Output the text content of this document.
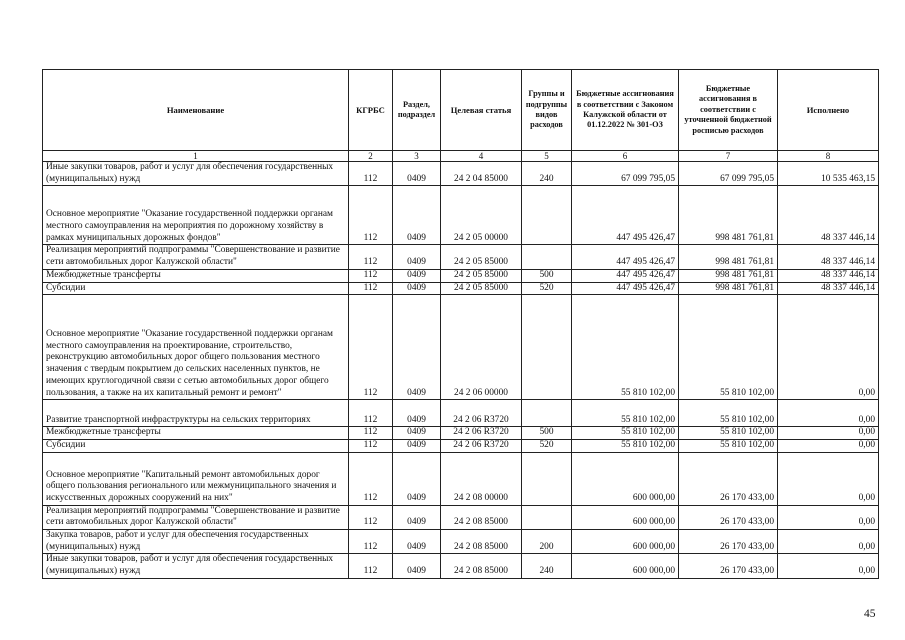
Наименование	КГРБС	Раздел, подраздел	Целевая статья	Группы и подгруппы видов расходов	Бюджетные ассигнования в соответствии с Законом Калужской области от 01.12.2022 № 301-ОЗ	Бюджетные ассигнования в соответствии с уточненной бюджетной росписью расходов	Исполнено
1	2	3	4	5	6	7	8
Иные закупки товаров, работ и услуг для обеспечения государственных (муниципальных) нужд	112	0409	24 2 04 85000	240	67 099 795,05	67 099 795,05	10 535 463,15
Основное мероприятие "Оказание государственной поддержки органам местного самоуправления на мероприятия по дорожному хозяйству в рамках муниципальных дорожных фондов"	112	0409	24 2 05 00000		447 495 426,47	998 481 761,81	48 337 446,14
Реализация мероприятий подпрограммы "Совершенствование и развитие сети автомобильных дорог Калужской области"	112	0409	24 2 05 85000		447 495 426,47	998 481 761,81	48 337 446,14
Межбюджетные трансферты	112	0409	24 2 05 85000	500	447 495 426,47	998 481 761,81	48 337 446,14
Субсидии	112	0409	24 2 05 85000	520	447 495 426,47	998 481 761,81	48 337 446,14
Основное мероприятие "Оказание государственной поддержки органам местного самоуправления на проектирование, строительство, реконструкцию автомобильных дорог общего пользования местного значения с твердым покрытием до сельских населенных пунктов, не имеющих круглогодичной связи с сетью автомобильных дорог общего пользования, а также на их капитальный ремонт и ремонт"	112	0409	24 2 06 00000		55 810 102,00	55 810 102,00	0,00
Развитие транспортной инфраструктуры на сельских территориях	112	0409	24 2 06 R3720		55 810 102,00	55 810 102,00	0,00
Межбюджетные трансферты	112	0409	24 2 06 R3720	500	55 810 102,00	55 810 102,00	0,00
Субсидии	112	0409	24 2 06 R3720	520	55 810 102,00	55 810 102,00	0,00
Основное мероприятие "Капитальный ремонт автомобильных дорог общего пользования регионального или межмуниципального значения и искусственных дорожных сооружений на них"	112	0409	24 2 08 00000		600 000,00	26 170 433,00	0,00
Реализация мероприятий подпрограммы "Совершенствование и развитие сети автомобильных дорог Калужской области"	112	0409	24 2 08 85000		600 000,00	26 170 433,00	0,00
Закупка товаров, работ и услуг для обеспечения государственных (муниципальных) нужд	112	0409	24 2 08 85000	200	600 000,00	26 170 433,00	0,00
Иные закупки товаров, работ и услуг для обеспечения государственных (муниципальных) нужд	112	0409	24 2 08 85000	240	600 000,00	26 170 433,00	0,00
45
